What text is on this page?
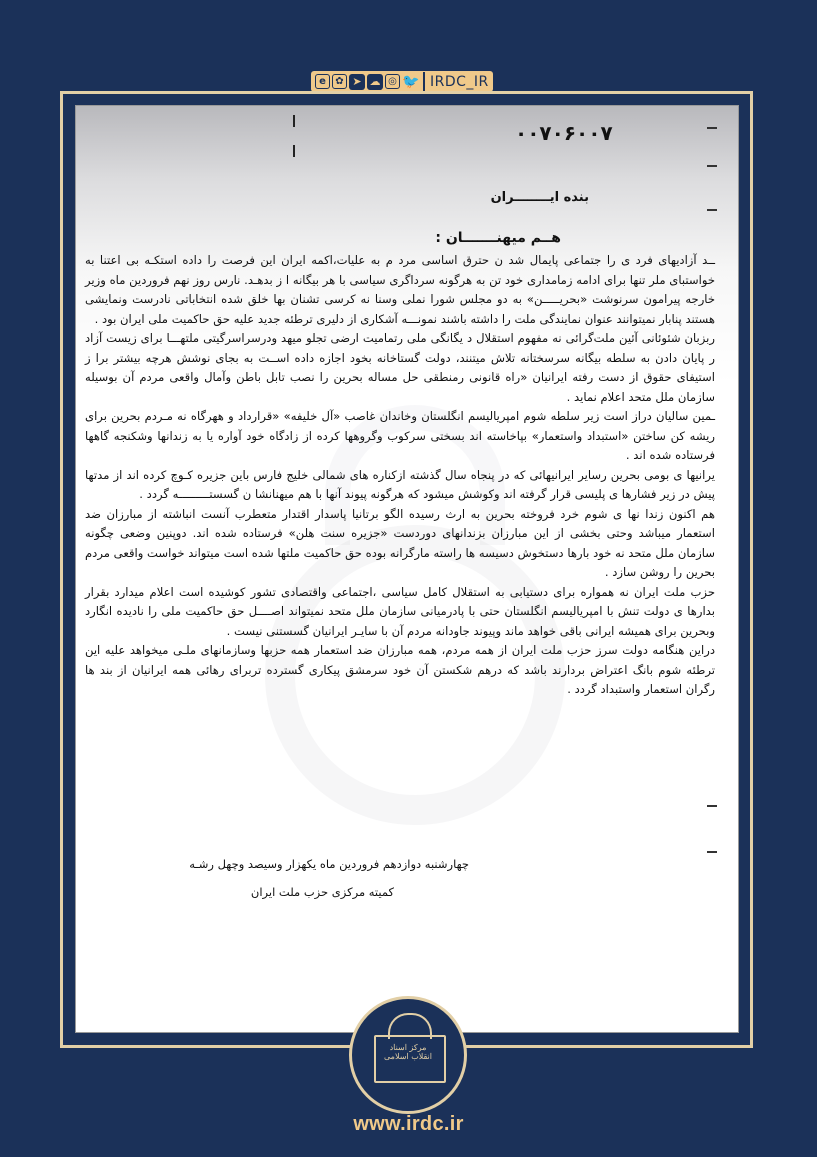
e ✿ ➤ ☁ ◎ 🐦 IRDC_IR
۰۰۷۰۶۰۰۷
بنده ایــــــــران
هــم میهنـــــــان :

ــد آزادیهای فرد ی را جتماعی پایمال شد ن حترق اساسی مرد م به علیات،اکمه ایران این فرصت را داده استکـه بی اعتنا به خواستبای ملر تنها برای ادامه زمامداری خود تن به هرگونه سرداگری سیاسی با هر بیگانه ا ز بدهـد. نارس روز نهم فروردین ماه وزیر خارجه پیرامون سرنوشت «بحریـــــن» به دو مجلس شورا نملی وسنا نه کرسی تشنان بها خلق شده انتخاباتی نادرست ونمایشی هستند پنابار نمیتوانند عنوان نمایندگی ملت را داشته باشند نمونـــه آشکاری از دلیری ترطئه جدید علیه حق حاکمیت ملی ایران بود .

ربزبان شئوئانی آئین ملت‌گرائی نه مفهوم استقلال د یگانگی ملی رتمامیت ارضی تجلو میهد ودرسراسرگیتی ملتهـــا برای زیست آزاد ر پایان دادن به سلطه بیگانه سرسختانه تلاش میتنند، دولت گستاخانه بخود اجازه داده اســت به بجای نوشش هرچه بیشتر برا ز استیفای حقوق از دست رفته ایرانیان «راه قانونی رمنطقی حل مساله بحرین را نصب تابل باطن وآمال واقعی مردم آن بوسیله سازمان ملل متحد اعلام نماید .

ـمین سالیان دراز است زیر سلطه شوم امپریالیسم انگلستان وخاندان غاصب «آل خلیفه» «قرارداد و ههرگاه نه مـردم بحرین برای ریشه کن ساختن «استبداد واستعمار» بپاخاسته اند بسختی سرکوب وگروهها کرده از زادگاه خود آواره یا به زندانها وشکنجه گاهها فرستاده شده اند .

یرانیها ی بومی بحرین رسایر ایرانیهائی که در پنجاه سال گذشته ازکناره های شمالی خلیج فارس باین جزیره کـوچ کرده اند از مدتها پیش در زیر فشارها ی پلیسی قرار گرفته اند وکوشش میشود که هرگونه پیوند آنها با هم میهنانشا ن گسستـــــــــه گردد .

هم اکنون زندا نها ی شوم خرد فروخته بحرین به ارث رسیده الگو برتانیا پاسدار اقتدار متعطرب آنست انباشته از مبارزان ضد استعمار میباشد وحتی بخشی از این مبارزان بزندانهای دوردست «جزیره سنت هلن» فرستاده شده اند. دوپنین وضعی چگونه سازمان ملل متحد نه خود بارها دستخوش دسیسه ها راسته مارگرانه بوده حق حاکمیت ملتها شده است میتواند خواست واقعی مردم بحرین را روشن سازد .

حزب ملت ایران نه همواره برای دستیابی به استقلال کامل سیاسی ،اجتماعی واقتصادی تشور کوشیده است اعلام میدارد بقرار بدارها ی دولت تنش با امپریالیسم انگلستان حتی با پادرمیانی سازمان ملل متحد نمیتواند اصــــل حق حاکمیت ملی را نادیده انگارد وبحرین برای همیشه ایرانی باقی خواهد ماند وپیوند جاودانه مردم آن با سایـر ایرانیان گسستنی نیست .

دراین هنگامه دولت سرز حزب ملت ایران از همه مردم، همه مبارزان ضد استعمار همه حزبها وسازمانهای ملـی میخواهد علیه این ترطئه شوم بانگ اعتراض بردارند باشد که درهم شکستن آن خود سرمشق پیکاری گسترده تربرای رهائی همه ایرانیان از بند ها رگران استعمار واستبداد گردد .

چهارشنبه دوازدهم فروردین ماه یکهزار وسیصد وچهل رشـه
کمیته مرکزی حزب ملت ایران
مرکز اسناد انقلاب اسلامی
www.irdc.ir
